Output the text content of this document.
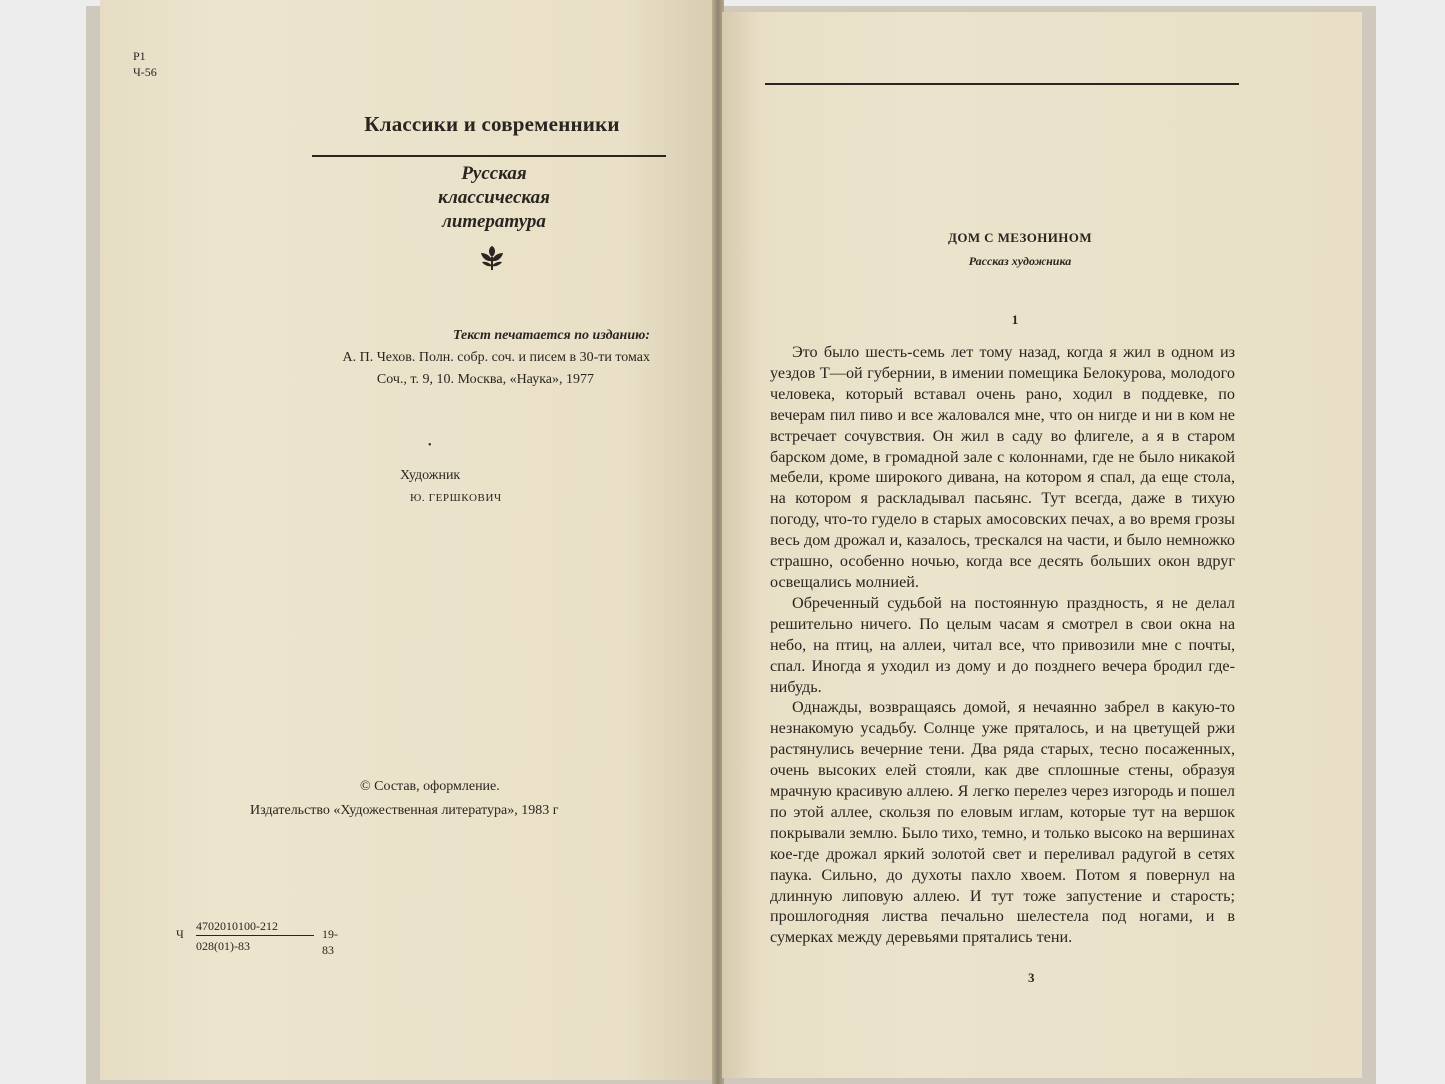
Р1
Ч-56
Классики и современники
Русская
классическая
литература
Текст печатается по изданию:
А. П. Чехов. Полн. собр. соч. и писем в 30-ти томах
Соч., т. 9, 10. Москва, «Наука», 1977
•
Художник
Ю. ГЕРШКОВИЧ
© Состав, оформление.
Издательство «Художественная литература», 1983 г
Ч
4702010100-212
028(01)-83
19-83
ДОМ С МЕЗОНИНОМ
Рассказ художника
1

Это было шесть-семь лет тому назад, когда я жил в одном из уездов Т—ой губернии, в имении помещика Белокурова, молодого человека, который вставал очень рано, ходил в поддевке, по вечерам пил пиво и все жаловался мне, что он нигде и ни в ком не встречает сочувствия. Он жил в саду во флигеле, а я в старом барском доме, в громадной зале с колоннами, где не было никакой мебели, кроме широкого дивана, на котором я спал, да еще стола, на котором я раскладывал пасьянс. Тут всегда, даже в тихую погоду, что-то гудело в старых амосовских печах, а во время грозы весь дом дрожал и, казалось, трескался на части, и было немножко страшно, особенно ночью, когда все десять больших окон вдруг освещались молнией.

Обреченный судьбой на постоянную праздность, я не делал решительно ничего. По целым часам я смотрел в свои окна на небо, на птиц, на аллеи, читал все, что привозили мне с почты, спал. Иногда я уходил из дому и до позднего вечера бродил где-нибудь.

Однажды, возвращаясь домой, я нечаянно забрел в какую-то незнакомую усадьбу. Солнце уже пряталось, и на цветущей ржи растянулись вечерние тени. Два ряда старых, тесно посаженных, очень высоких елей стояли, как две сплошные стены, образуя мрачную красивую аллею. Я легко перелез через изгородь и пошел по этой аллее, скользя по еловым иглам, которые тут на вершок покрывали землю. Было тихо, темно, и только высоко на вершинах кое-где дрожал яркий золотой свет и переливал радугой в сетях паука. Сильно, до духоты пахло хвоем. Потом я повернул на длинную липовую аллею. И тут тоже запустение и старость; прошлогодняя листва печально шелестела под ногами, и в сумерках между деревьями прятались тени.

3
